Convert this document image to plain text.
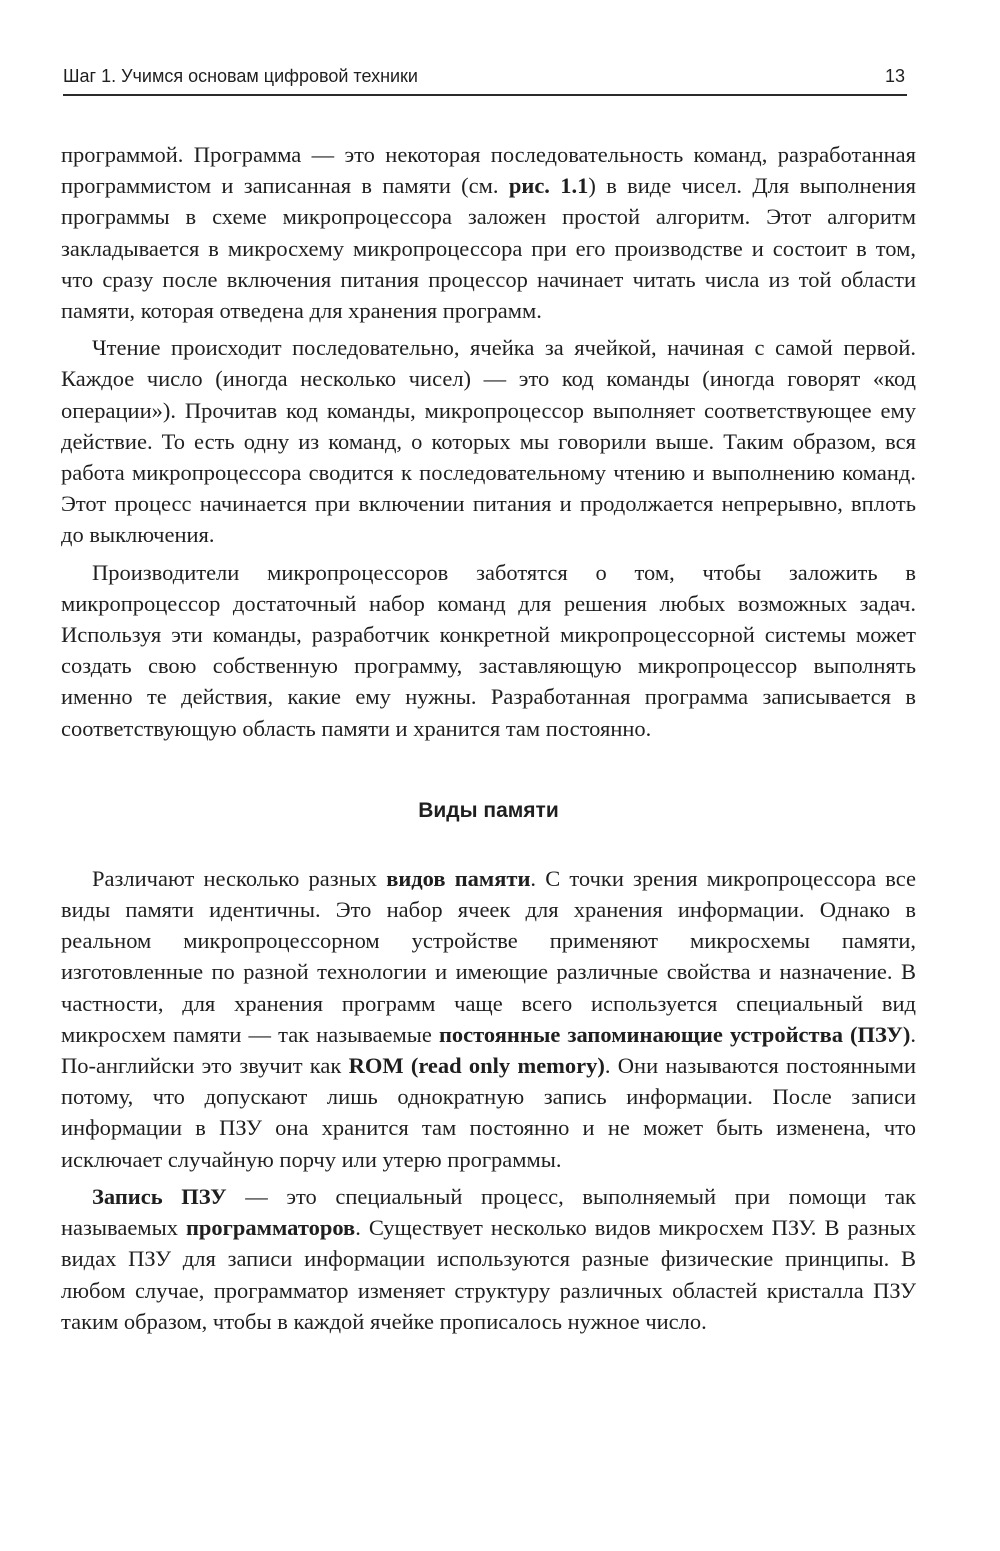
Шаг 1. Учимся основам цифровой техники	13

программой. Программа — это некоторая последовательность команд, разработанная программистом и записанная в памяти (см. рис. 1.1) в виде чисел. Для выполнения программы в схеме микропроцессора заложен простой алгоритм. Этот алгоритм закладывается в микросхему микропроцессора при его производстве и состоит в том, что сразу после включения питания процессор начинает читать числа из той области памяти, которая отведена для хранения программ.

Чтение происходит последовательно, ячейка за ячейкой, начиная с самой первой. Каждое число (иногда несколько чисел) — это код команды (иногда говорят «код операции»). Прочитав код команды, микропроцессор выполняет соответствующее ему действие. То есть одну из команд, о которых мы говорили выше. Таким образом, вся работа микропроцессора сводится к последовательному чтению и выполнению команд. Этот процесс начинается при включении питания и продолжается непрерывно, вплоть до выключения.

Производители микропроцессоров заботятся о том, чтобы заложить в микропроцессор достаточный набор команд для решения любых возможных задач. Используя эти команды, разработчик конкретной микропроцессорной системы может создать свою собственную программу, заставляющую микропроцессор выполнять именно те действия, какие ему нужны. Разработанная программа записывается в соответствующую область памяти и хранится там постоянно.

Виды памяти

Различают несколько разных видов памяти. С точки зрения микропроцессора все виды памяти идентичны. Это набор ячеек для хранения информации. Однако в реальном микропроцессорном устройстве применяют микросхемы памяти, изготовленные по разной технологии и имеющие различные свойства и назначение. В частности, для хранения программ чаще всего используется специальный вид микросхем памяти — так называемые постоянные запоминающие устройства (ПЗУ). По-английски это звучит как ROM (read only memory). Они называются постоянными потому, что допускают лишь однократную запись информации. После записи информации в ПЗУ она хранится там постоянно и не может быть изменена, что исключает случайную порчу или утерю программы.

Запись ПЗУ — это специальный процесс, выполняемый при помощи так называемых программаторов. Существует несколько видов микросхем ПЗУ. В разных видах ПЗУ для записи информации используются разные физические принципы. В любом случае, программатор изменяет структуру различных областей кристалла ПЗУ таким образом, чтобы в каждой ячейке прописалось нужное число.
